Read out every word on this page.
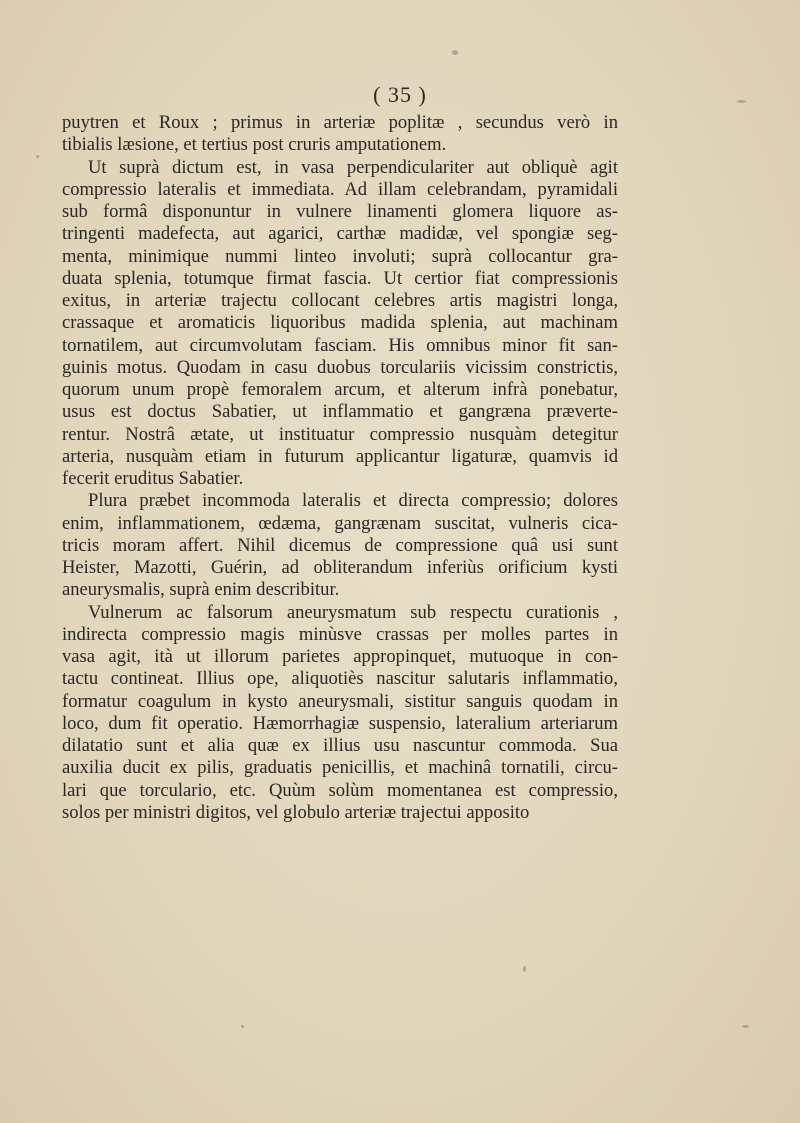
( 35 )
puytren et Roux ; primus in arteriæ poplitæ , secundus verò in
tibialis læsione, et tertius post cruris amputationem.
Ut suprà dictum est, in vasa perpendiculariter aut obliquè agit
compressio lateralis et immediata. Ad illam celebrandam, pyramidali
sub formâ disponuntur in vulnere linamenti glomera liquore as-
tringenti madefecta, aut agarici, carthæ madidæ, vel spongiæ seg-
menta, minimique nummi linteo involuti; suprà collocantur gra-
duata splenia, totumque firmat fascia. Ut certior fiat compressionis
exitus, in arteriæ trajectu collocant celebres artis magistri longa,
crassaque et aromaticis liquoribus madida splenia, aut machinam
tornatilem, aut circumvolutam fasciam. His omnibus minor fit san-
guinis motus. Quodam in casu duobus torculariis vicissim constrictis,
quorum unum propè femoralem arcum, et alterum infrà ponebatur,
usus est doctus Sabatier, ut inflammatio et gangræna præverte-
rentur. Nostrâ ætate, ut instituatur compressio nusquàm detegitur
arteria, nusquàm etiam in futurum applicantur ligaturæ, quamvis id
fecerit eruditus Sabatier.
Plura præbet incommoda lateralis et directa compressio; dolores
enim, inflammationem, œdæma, gangrænam suscitat, vulneris cica-
tricis moram affert. Nihil dicemus de compressione quâ usi sunt
Heister, Mazotti, Guérin, ad obliterandum inferiùs orificium kysti
aneurysmalis, suprà enim describitur.
Vulnerum ac falsorum aneurysmatum sub respectu curationis ,
indirecta compressio magis minùsve crassas per molles partes in
vasa agit, ità ut illorum parietes appropinquet, mutuoque in con-
tactu contineat. Illius ope, aliquotiès nascitur salutaris inflammatio,
formatur coagulum in kysto aneurysmali, sistitur sanguis quodam in
loco, dum fit operatio. Hæmorrhagiæ suspensio, lateralium arteriarum
dilatatio sunt et alia quæ ex illius usu nascuntur commoda. Sua
auxilia ducit ex pilis, graduatis penicillis, et machinâ tornatili, circu-
lari que torculario, etc. Quùm solùm momentanea est compressio,
solos per ministri digitos, vel globulo arteriæ trajectui apposito
